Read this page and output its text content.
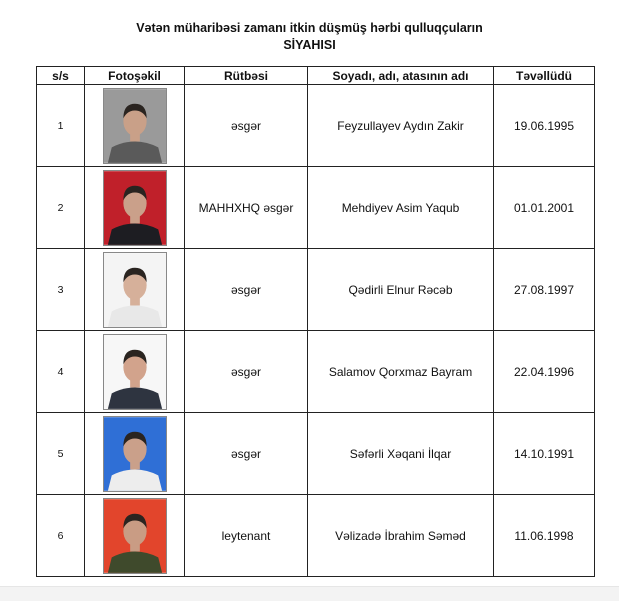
Vətən müharibəsi zamanı itkin düşmüş hərbi qulluqçuların
SİYAHISI
s/s	Fotoşəkil	Rütbəsi	Soyadı, adı, atasının adı	Təvəllüdü
1		əsgər	Feyzullayev Aydın Zakir	19.06.1995
2		MAHHXHQ əsgər	Mehdiyev Asim Yaqub	01.01.2001
3		əsgər	Qədirli Elnur Rəcəb	27.08.1997
4		əsgər	Salamov Qorxmaz Bayram	22.04.1996
5		əsgər	Səfərli Xəqani İlqar	14.10.1991
6		leytenant	Vəlizadə İbrahim Səməd	11.06.1998
